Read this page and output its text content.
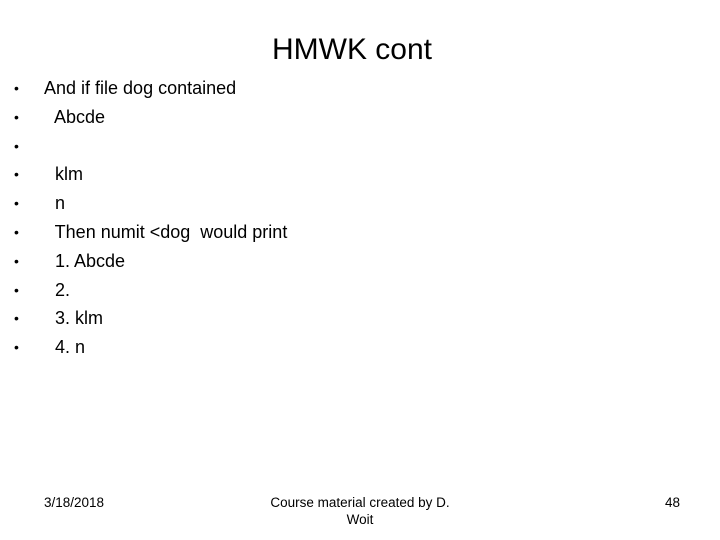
HMWK cont
•	And if file dog contained
•	Abcde
•
•	klm
•	n
•	Then numit <dog  would print
•	1. Abcde
•	2.
•	3. klm
•	4. n
3/18/2018	Course material created by D. Woit
48
